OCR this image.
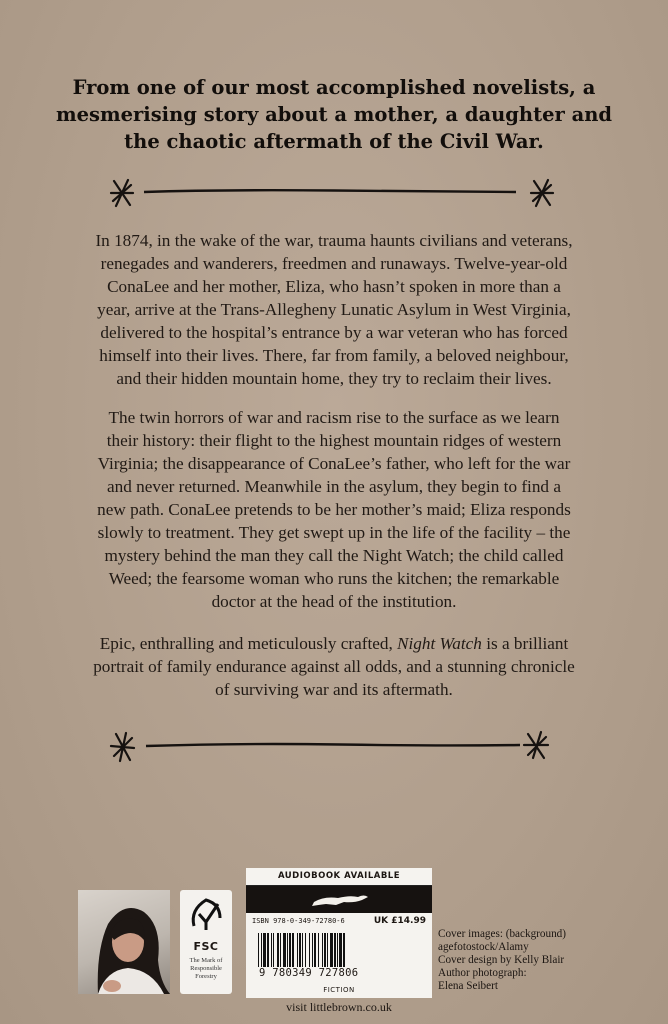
From one of our most accomplished novelists, a
mesmerising story about a mother, a daughter and
the chaotic aftermath of the Civil War.
In 1874, in the wake of the war, trauma haunts civilians and veterans,
renegades and wanderers, freedmen and runaways. Twelve-year-old
ConaLee and her mother, Eliza, who hasn’t spoken in more than a
year, arrive at the Trans-Allegheny Lunatic Asylum in West Virginia,
delivered to the hospital’s entrance by a war veteran who has forced
himself into their lives. There, far from family, a beloved neighbour,
and their hidden mountain home, they try to reclaim their lives.
The twin horrors of war and racism rise to the surface as we learn
their history: their flight to the highest mountain ridges of western
Virginia; the disappearance of ConaLee’s father, who left for the war
and never returned. Meanwhile in the asylum, they begin to find a
new path. ConaLee pretends to be her mother’s maid; Eliza responds
slowly to treatment. They get swept up in the life of the facility – the
mystery behind the man they call the Night Watch; the child called
Weed; the fearsome woman who runs the kitchen; the remarkable
doctor at the head of the institution.
Epic, enthralling and meticulously crafted, Night Watch is a brilliant
portrait of family endurance against all odds, and a stunning chronicle
of surviving war and its aftermath.
FSC
The Mark of
Responsible
Forestry
AUDIOBOOK AVAILABLE
ISBN 978-0-349-72780-6	UK £14.99
9 780349 727806
FICTION
visit littlebrown.co.uk
Cover images: (background)
agefotostock/Alamy
Cover design by Kelly Blair
Author photograph:
Elena Seibert
